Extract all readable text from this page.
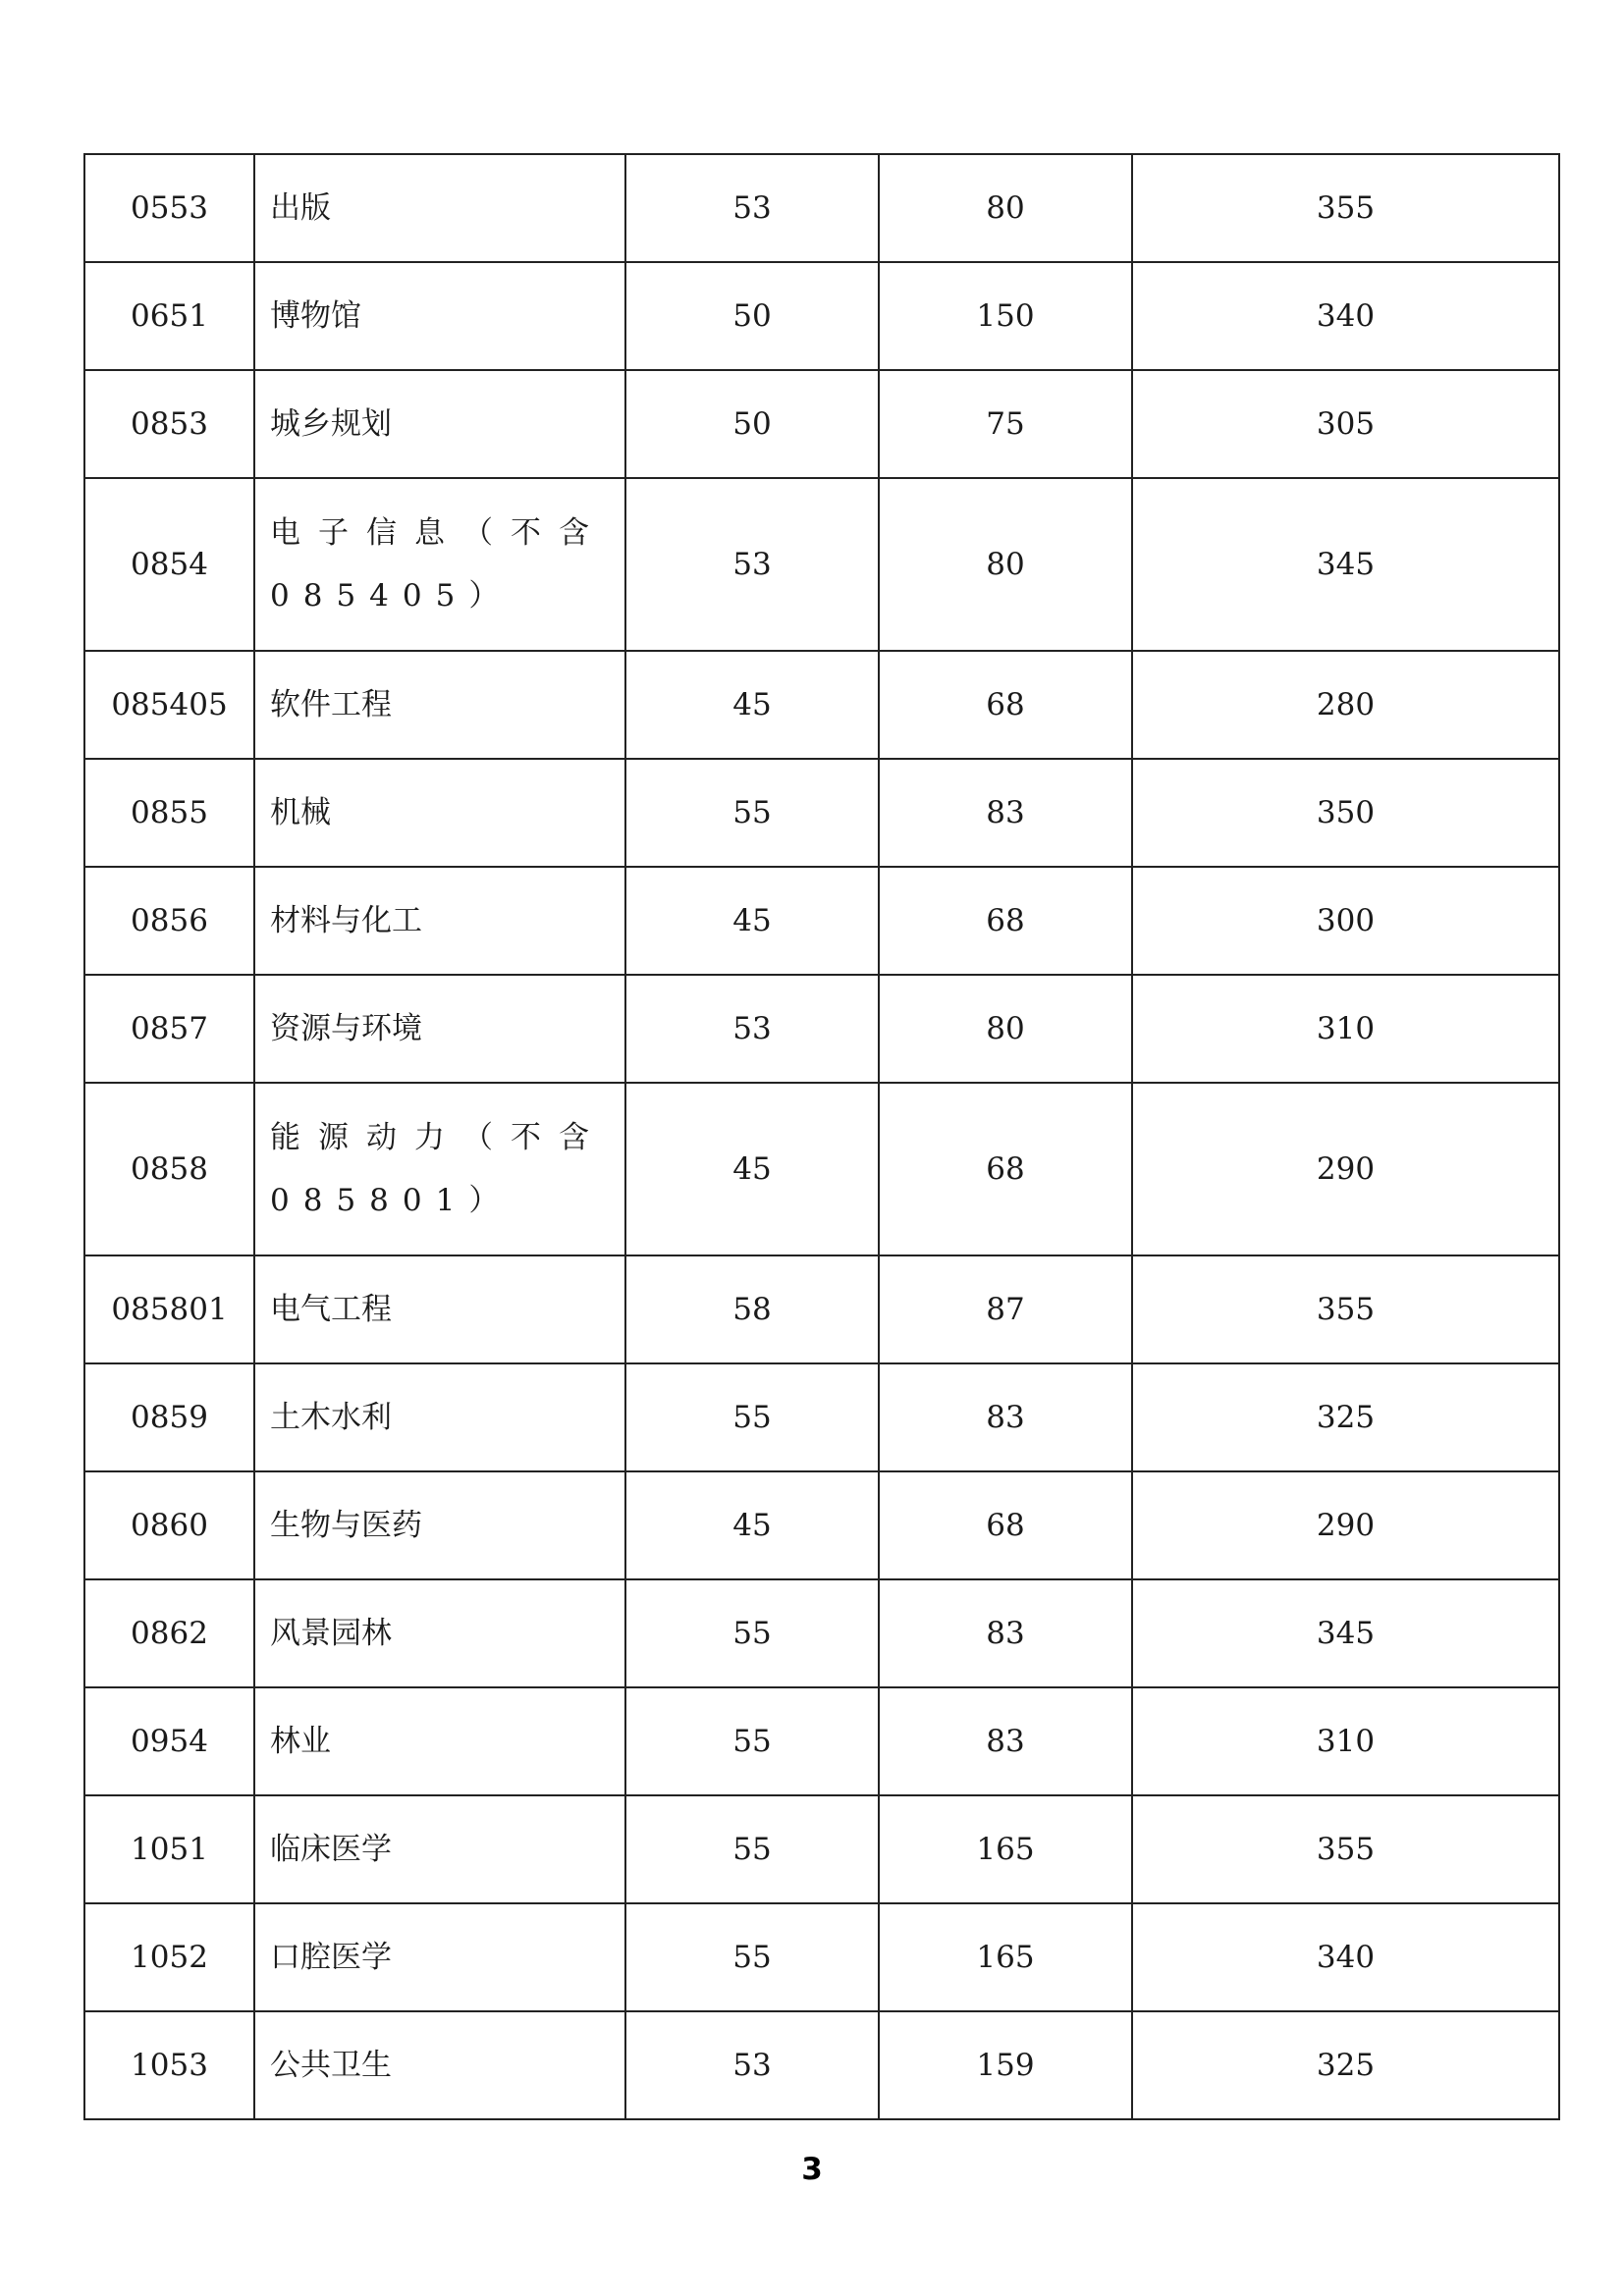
0553	出版	53	80	355
0651	博物馆	50	150	340
0853	城乡规划	50	75	305
0854	电子信息（不含085405）	53	80	345
085405	软件工程	45	68	280
0855	机械	55	83	350
0856	材料与化工	45	68	300
0857	资源与环境	53	80	310
0858	能源动力（不含085801）	45	68	290
085801	电气工程	58	87	355
0859	土木水利	55	83	325
0860	生物与医药	45	68	290
0862	风景园林	55	83	345
0954	林业	55	83	310
1051	临床医学	55	165	355
1052	口腔医学	55	165	340
1053	公共卫生	53	159	325
3
